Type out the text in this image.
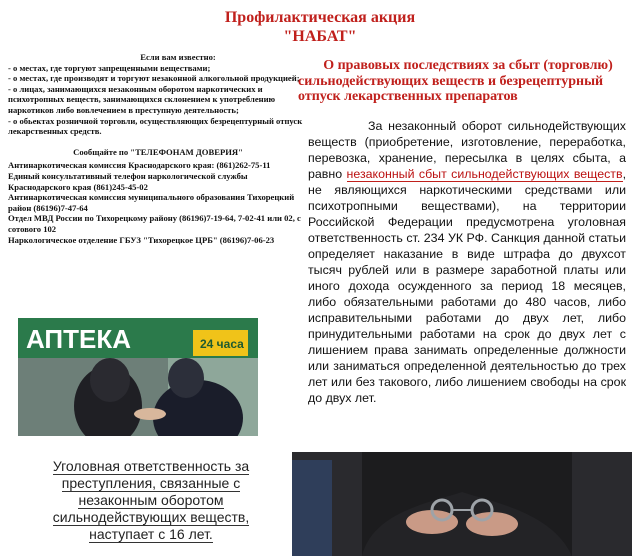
Профилактическая акция
"НАБАТ"

Если вам известно:

- о местах, где торгуют запрещенными веществами;

- о местах, где производят и торгуют незаконной алкогольной продукцией;

- о лицах, занимающихся незаконным оборотом наркотических и психотропных веществ, занимающихся склонением к употреблению наркотиков либо вовлечением в преступную деятельность;

- о обьектах розничной торговли, осуществляющих безрецептурный отпуск лекарственных средств.

Сообщайте по "ТЕЛЕФОНАМ ДОВЕРИЯ"

Антинаркотическая комиссия Краснодарского края: (861)262-75-11

Единый консультативный телефон наркологической службы Краснодарского края (861)245-45-02

Антинаркотическая комиссия муниципального образования Тихорецкий район (86196)7-47-64

Отдел МВД России по Тихорецкому району (86196)7-19-64, 7-02-41 или 02, с сотового 102

Наркологическое отделение ГБУЗ "Тихорецкое ЦРБ" (86196)7-06-23

АПТЕКА	24 часа
О правовых последствиях за сбыт (торговлю)
сильнодействующих веществ и безрецептурный
отпуск лекарственных препаратов
За незаконный оборот сильнодействующих веществ (приобретение, изготовление, переработка, перевозка, хранение, пересылка в целях сбыта, а равно незаконный сбыт сильнодействующих веществ, не являющихся наркотическими средствами или психотропными веществами), на территории Российской Федерации предусмотрена уголовная ответственность ст. 234 УК РФ. Санкция данной статьи определяет наказание в виде штрафа до двухсот тысяч рублей или в размере заработной платы или иного дохода осужденного за период 18 месяцев, либо обязательными работами до 480 часов, либо исправительными работами до двух лет, либо принудительными работами на срок до двух лет с лишением права занимать определенные должности или заниматься определенной деятельностью до трех лет или без такового, либо лишением свободы на срок до двух лет.
Уголовная ответственность за
преступления, связанные с
незаконным оборотом
сильнодействующих веществ,
наступает с 16 лет.
